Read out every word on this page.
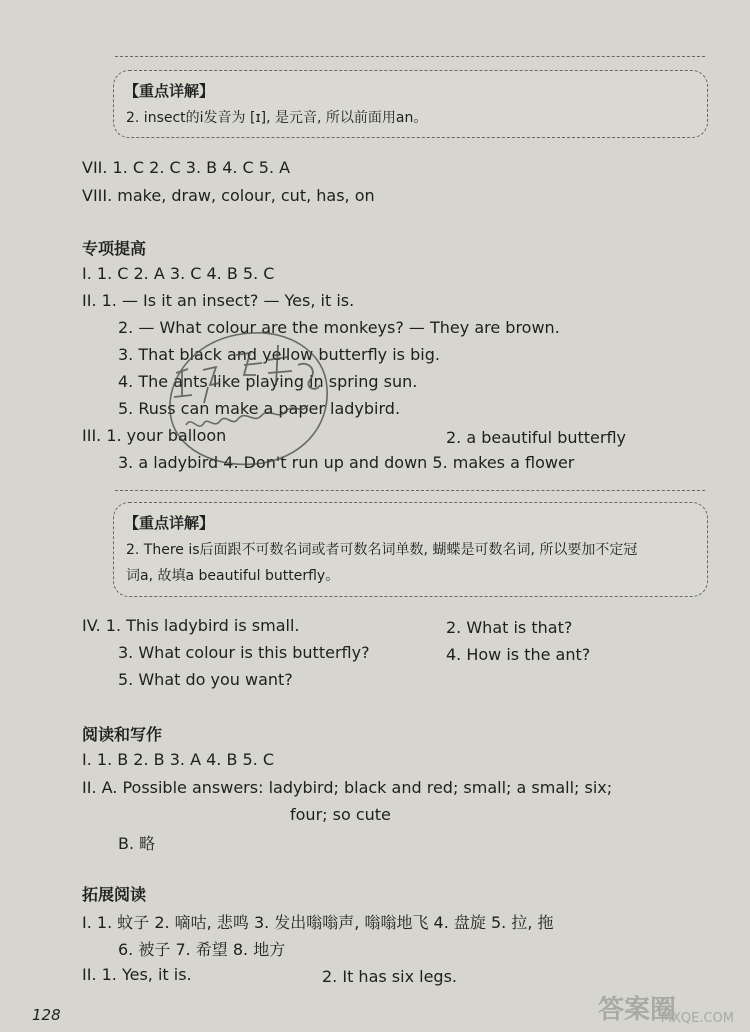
【重点详解】
2. insect的i发音为 [ɪ], 是元音, 所以前面用an。
VII. 1. C 2. C 3. B 4. C 5. A
VIII. make, draw, colour, cut, has, on
专项提高
I. 1. C 2. A 3. C 4. B 5. C
II. 1. — Is it an insect? — Yes, it is.
2. — What colour are the monkeys? — They are brown.
3. That black and yellow butterfly is big.
4. The ants like playing in spring sun.
5. Russ can make a paper ladybird.
III. 1. your balloon	2. a beautiful butterfly
3. a ladybird 4. Don't run up and down 5. makes a flower
【重点详解】
2. There is后面跟不可数名词或者可数名词单数, 蝴蝶是可数名词, 所以要加不定冠
词a, 故填a beautiful butterfly。
IV. 1. This ladybird is small.	2. What is that?
3. What colour is this butterfly?	4. How is the ant?
5. What do you want?
阅读和写作
I. 1. B 2. B 3. A 4. B 5. C
II. A. Possible answers: ladybird; black and red; small; a small; six;
four; so cute
B. 略
拓展阅读
I. 1. 蚊子 2. 嘀咕, 悲鸣 3. 发出嗡嗡声, 嗡嗡地飞 4. 盘旋 5. 拉, 拖
6. 被子 7. 希望 8. 地方
II. 1. Yes, it is.	2. It has six legs.
128	答案圈
MXQE.COM
